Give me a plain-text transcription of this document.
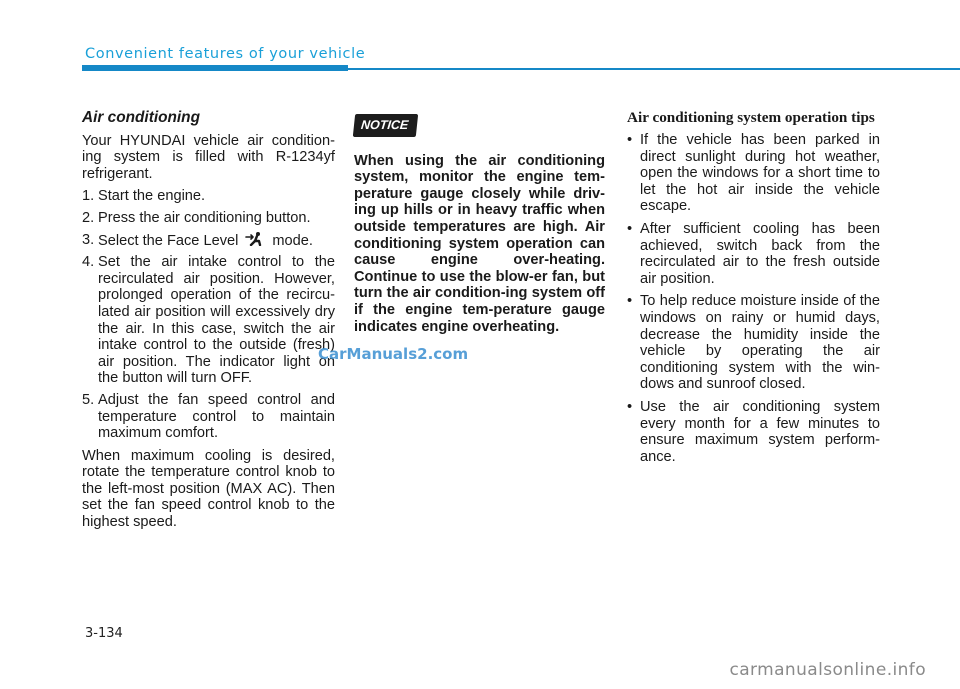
Convenient features of your vehicle
Air conditioning

Your HYUNDAI vehicle air condition-ing system is filled with R-1234yf refrigerant.

1. Start the engine.
2. Press the air conditioning button.
3. Select the Face Level mode.
4. Set the air intake control to the recirculated air position. However, prolonged operation of the recircu-lated air position will excessively dry the air. In this case, switch the air intake control to the outside (fresh) air position. The indicator light on the button will turn OFF.
5. Adjust the fan speed control and temperature control to maintain maximum comfort.

When maximum cooling is desired, rotate the temperature control knob to the left-most position (MAX AC). Then set the fan speed control knob to the highest speed.

NOTICE

When using the air conditioning system, monitor the engine tem-perature gauge closely while driv-ing up hills or in heavy traffic when outside temperatures are high. Air conditioning system operation can cause engine over-heating. Continue to use the blow-er fan, but turn the air condition-ing system off if the engine tem-perature gauge indicates engine overheating.

Air conditioning system operation tips
• If the vehicle has been parked in direct sunlight during hot weather, open the windows for a short time to let the hot air inside the vehicle escape.
• After sufficient cooling has been achieved, switch back from the recirculated air to the fresh outside air position.
• To help reduce moisture inside of the windows on rainy or humid days, decrease the humidity inside the vehicle by operating the air conditioning system with the win-dows and sunroof closed.
• Use the air conditioning system every month for a few minutes to ensure maximum system perform-ance.
CarManuals2.com
3-134
carmanualsonline.info
